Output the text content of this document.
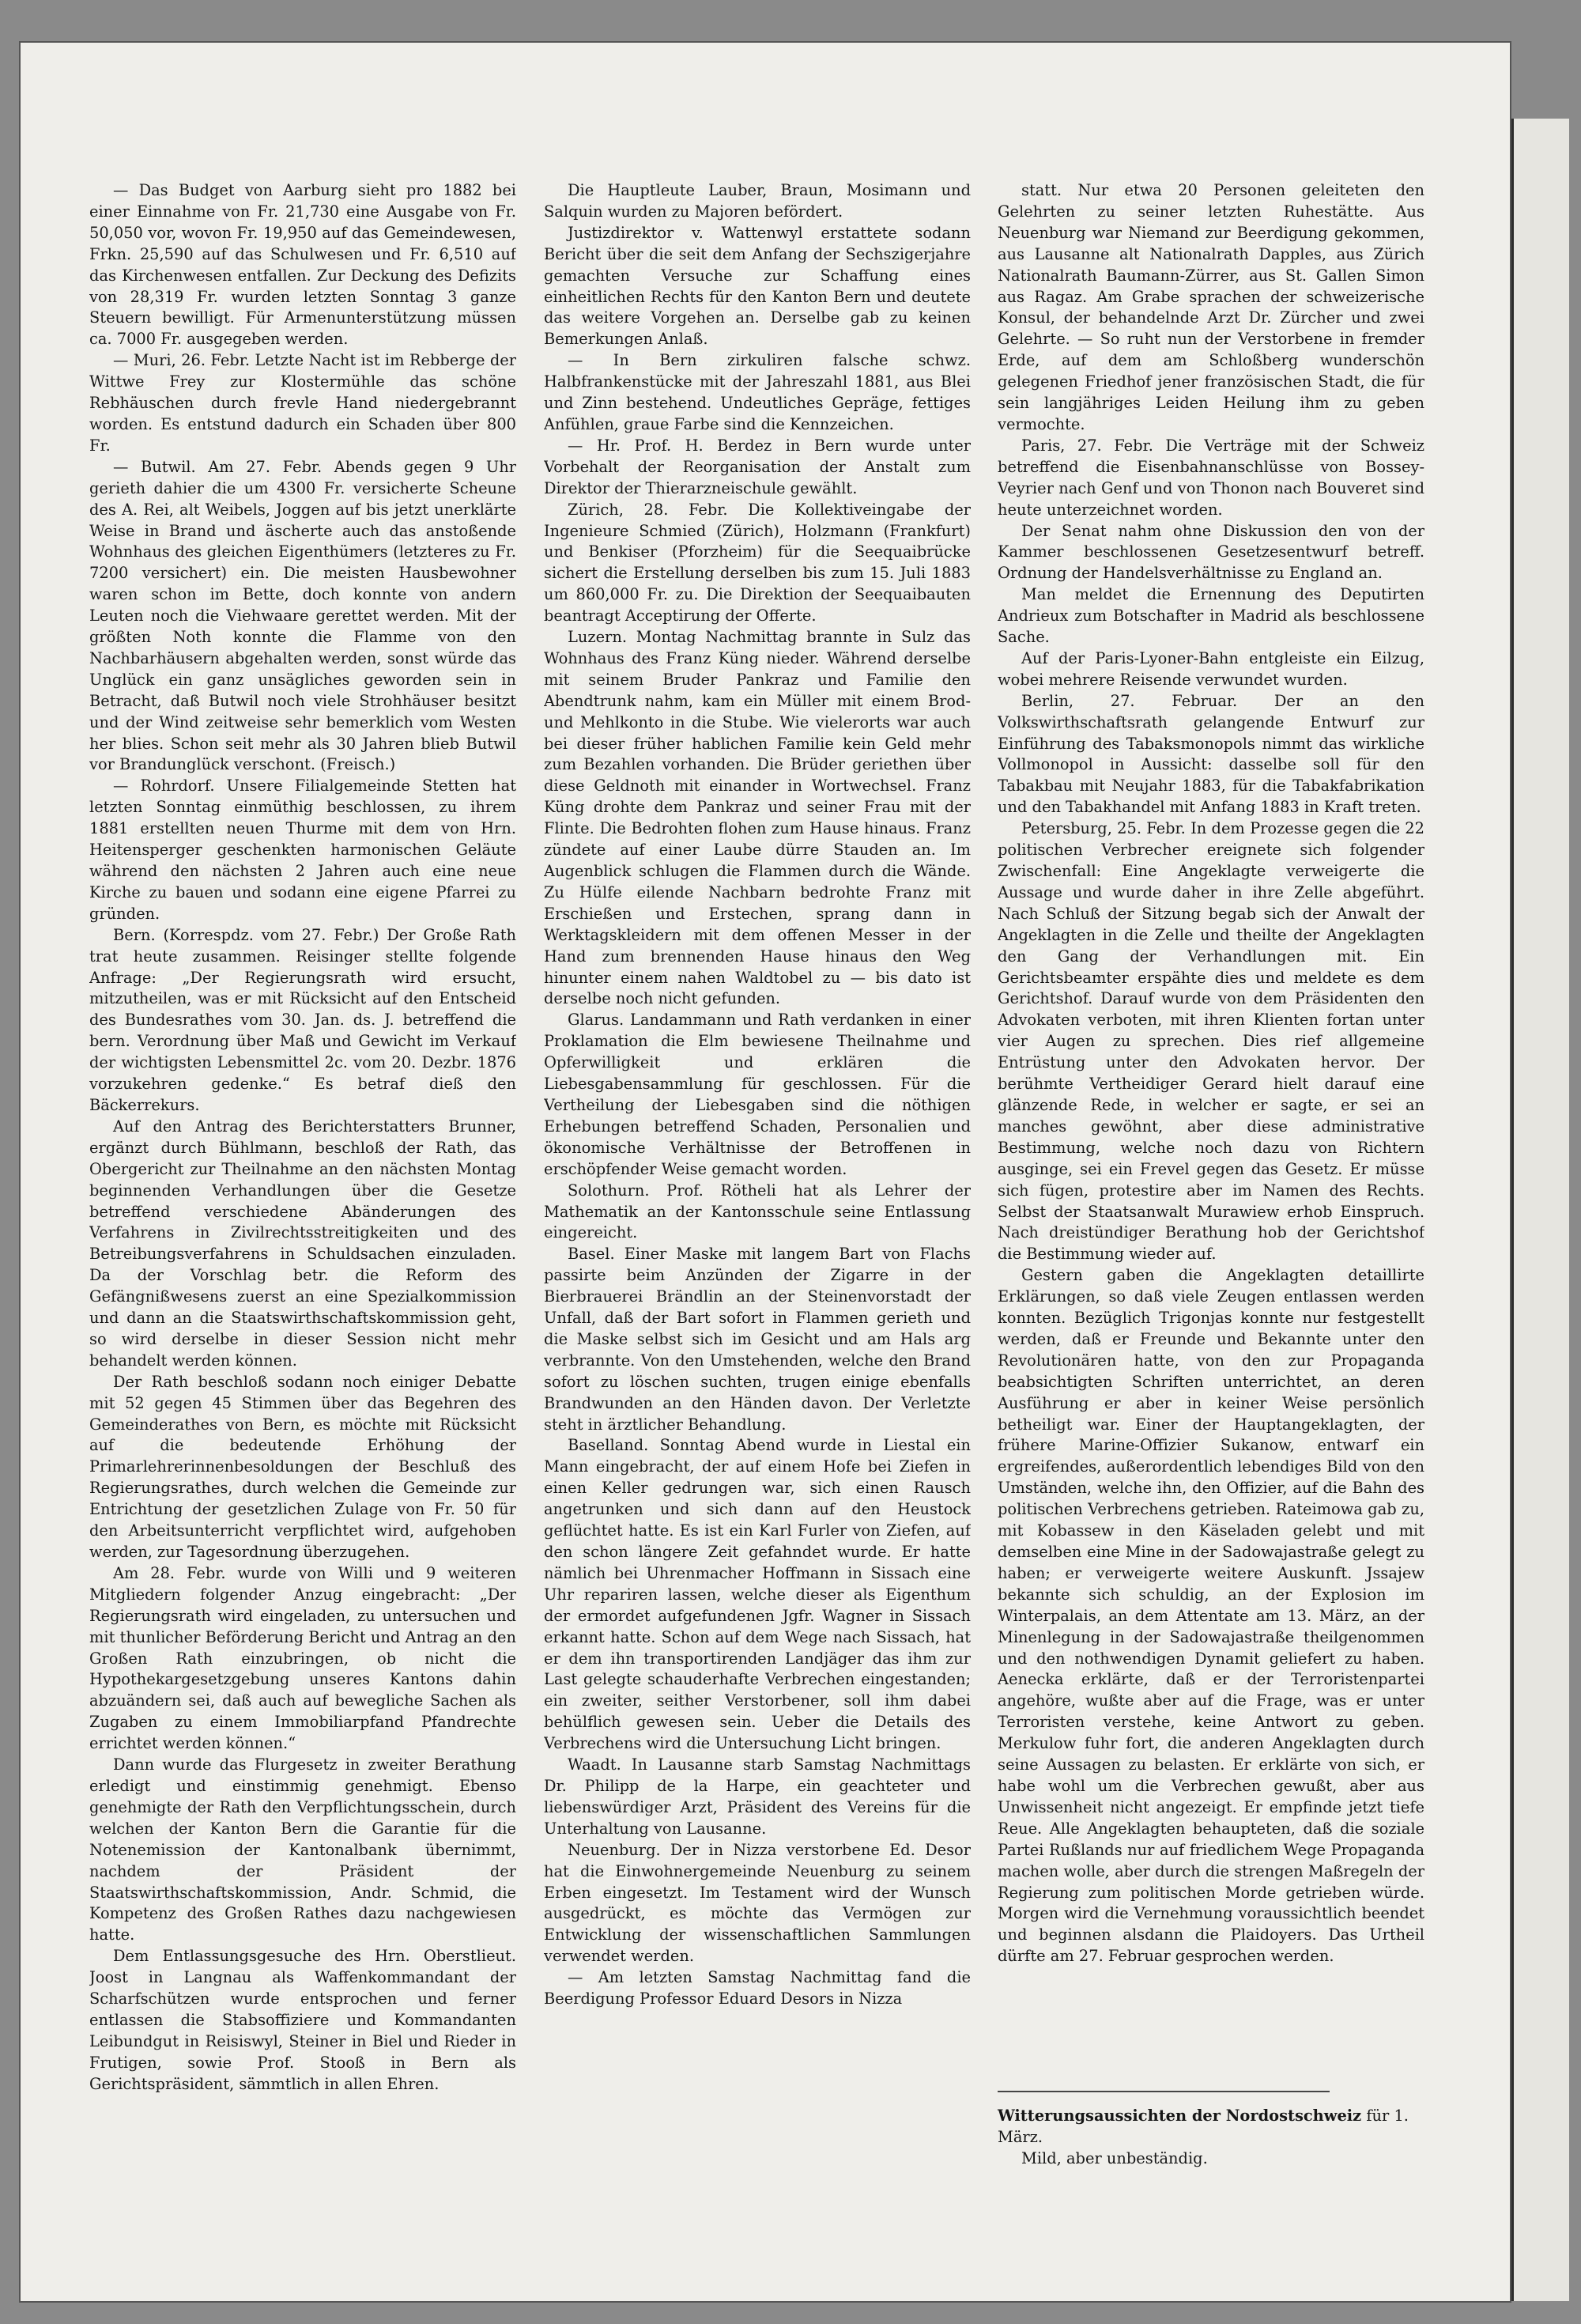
— Das Budget von Aarburg sieht pro 1882 bei einer Einnahme von Fr. 21,730 eine Ausgabe von Fr. 50,050 vor, wovon Fr. 19,950 auf das Gemeindewesen, Frkn. 25,590 auf das Schulwesen und Fr. 6,510 auf das Kirchenwesen entfallen. Zur Deckung des Defizits von 28,319 Fr. wurden letzten Sonntag 3 ganze Steuern bewilligt. Für Armenunterstützung müssen ca. 7000 Fr. ausgegeben werden.

— Muri, 26. Febr. Letzte Nacht ist im Rebberge der Wittwe Frey zur Klostermühle das schöne Rebhäuschen durch frevle Hand niedergebrannt worden. Es entstund dadurch ein Schaden über 800 Fr.

— Butwil. Am 27. Febr. Abends gegen 9 Uhr gerieth dahier die um 4300 Fr. versicherte Scheune des A. Rei, alt Weibels, Joggen auf bis jetzt unerklärte Weise in Brand und äscherte auch das anstoßende Wohnhaus des gleichen Eigenthümers (letzteres zu Fr. 7200 versichert) ein. Die meisten Hausbewohner waren schon im Bette, doch konnte von andern Leuten noch die Viehwaare gerettet werden. Mit der größten Noth konnte die Flamme von den Nachbarhäusern abgehalten werden, sonst würde das Unglück ein ganz unsägliches geworden sein in Betracht, daß Butwil noch viele Strohhäuser besitzt und der Wind zeitweise sehr bemerklich vom Westen her blies. Schon seit mehr als 30 Jahren blieb Butwil vor Brandunglück verschont. (Freisch.)

— Rohrdorf. Unsere Filialgemeinde Stetten hat letzten Sonntag einmüthig beschlossen, zu ihrem 1881 erstellten neuen Thurme mit dem von Hrn. Heitensperger geschenkten harmonischen Geläute während den nächsten 2 Jahren auch eine neue Kirche zu bauen und sodann eine eigene Pfarrei zu gründen.

Bern. (Korrespdz. vom 27. Febr.) Der Große Rath trat heute zusammen. Reisinger stellte folgende Anfrage: „Der Regierungsrath wird ersucht, mitzutheilen, was er mit Rücksicht auf den Entscheid des Bundesrathes vom 30. Jan. ds. J. betreffend die bern. Verordnung über Maß und Gewicht im Verkauf der wichtigsten Lebensmittel 2c. vom 20. Dezbr. 1876 vorzukehren gedenke.“ Es betraf dieß den Bäckerrekurs.

Auf den Antrag des Berichterstatters Brunner, ergänzt durch Bühlmann, beschloß der Rath, das Obergericht zur Theilnahme an den nächsten Montag beginnenden Verhandlungen über die Gesetze betreffend verschiedene Abänderungen des Verfahrens in Zivilrechtsstreitigkeiten und des Betreibungsverfahrens in Schuldsachen einzuladen. Da der Vorschlag betr. die Reform des Gefängnißwesens zuerst an eine Spezialkommission und dann an die Staatswirthschaftskommission geht, so wird derselbe in dieser Session nicht mehr behandelt werden können.

Der Rath beschloß sodann noch einiger Debatte mit 52 gegen 45 Stimmen über das Begehren des Gemeinderathes von Bern, es möchte mit Rücksicht auf die bedeutende Erhöhung der Primarlehrerinnenbesoldungen der Beschluß des Regierungsrathes, durch welchen die Gemeinde zur Entrichtung der gesetzlichen Zulage von Fr. 50 für den Arbeitsunterricht verpflichtet wird, aufgehoben werden, zur Tagesordnung überzugehen.

Am 28. Febr. wurde von Willi und 9 weiteren Mitgliedern folgender Anzug eingebracht: „Der Regierungsrath wird eingeladen, zu untersuchen und mit thunlicher Beförderung Bericht und Antrag an den Großen Rath einzubringen, ob nicht die Hypothekargesetzgebung unseres Kantons dahin abzuändern sei, daß auch auf bewegliche Sachen als Zugaben zu einem Immobiliarpfand Pfandrechte errichtet werden können.“

Dann wurde das Flurgesetz in zweiter Berathung erledigt und einstimmig genehmigt. Ebenso genehmigte der Rath den Verpflichtungsschein, durch welchen der Kanton Bern die Garantie für die Notenemission der Kantonalbank übernimmt, nachdem der Präsident der Staatswirthschaftskommission, Andr. Schmid, die Kompetenz des Großen Rathes dazu nachgewiesen hatte.

Dem Entlassungsgesuche des Hrn. Oberstlieut. Joost in Langnau als Waffenkommandant der Scharfschützen wurde entsprochen und ferner entlassen die Stabsoffiziere und Kommandanten Leibundgut in Reisiswyl, Steiner in Biel und Rieder in Frutigen, sowie Prof. Stooß in Bern als Gerichtspräsident, sämmtlich in allen Ehren.

Die Hauptleute Lauber, Braun, Mosimann und Salquin wurden zu Majoren befördert.

Justizdirektor v. Wattenwyl erstattete sodann Bericht über die seit dem Anfang der Sechszigerjahre gemachten Versuche zur Schaffung eines einheitlichen Rechts für den Kanton Bern und deutete das weitere Vorgehen an. Derselbe gab zu keinen Bemerkungen Anlaß.

— In Bern zirkuliren falsche schwz. Halbfrankenstücke mit der Jahreszahl 1881, aus Blei und Zinn bestehend. Undeutliches Gepräge, fettiges Anfühlen, graue Farbe sind die Kennzeichen.

— Hr. Prof. H. Berdez in Bern wurde unter Vorbehalt der Reorganisation der Anstalt zum Direktor der Thierarzneischule gewählt.

Zürich, 28. Febr. Die Kollektiveingabe der Ingenieure Schmied (Zürich), Holzmann (Frankfurt) und Benkiser (Pforzheim) für die Seequaibrücke sichert die Erstellung derselben bis zum 15. Juli 1883 um 860,000 Fr. zu. Die Direktion der Seequaibauten beantragt Acceptirung der Offerte.

Luzern. Montag Nachmittag brannte in Sulz das Wohnhaus des Franz Küng nieder. Während derselbe mit seinem Bruder Pankraz und Familie den Abendtrunk nahm, kam ein Müller mit einem Brod- und Mehlkonto in die Stube. Wie vielerorts war auch bei dieser früher hablichen Familie kein Geld mehr zum Bezahlen vorhanden. Die Brüder geriethen über diese Geldnoth mit einander in Wortwechsel. Franz Küng drohte dem Pankraz und seiner Frau mit der Flinte. Die Bedrohten flohen zum Hause hinaus. Franz zündete auf einer Laube dürre Stauden an. Im Augenblick schlugen die Flammen durch die Wände. Zu Hülfe eilende Nachbarn bedrohte Franz mit Erschießen und Erstechen, sprang dann in Werktagskleidern mit dem offenen Messer in der Hand zum brennenden Hause hinaus den Weg hinunter einem nahen Waldtobel zu — bis dato ist derselbe noch nicht gefunden.

Glarus. Landammann und Rath verdanken in einer Proklamation die Elm bewiesene Theilnahme und Opferwilligkeit und erklären die Liebesgabensammlung für geschlossen. Für die Vertheilung der Liebesgaben sind die nöthigen Erhebungen betreffend Schaden, Personalien und ökonomische Verhältnisse der Betroffenen in erschöpfender Weise gemacht worden.

Solothurn. Prof. Rötheli hat als Lehrer der Mathematik an der Kantonsschule seine Entlassung eingereicht.

Basel. Einer Maske mit langem Bart von Flachs passirte beim Anzünden der Zigarre in der Bierbrauerei Brändlin an der Steinenvorstadt der Unfall, daß der Bart sofort in Flammen gerieth und die Maske selbst sich im Gesicht und am Hals arg verbrannte. Von den Umstehenden, welche den Brand sofort zu löschen suchten, trugen einige ebenfalls Brandwunden an den Händen davon. Der Verletzte steht in ärztlicher Behandlung.

Baselland. Sonntag Abend wurde in Liestal ein Mann eingebracht, der auf einem Hofe bei Ziefen in einen Keller gedrungen war, sich einen Rausch angetrunken und sich dann auf den Heustock geflüchtet hatte. Es ist ein Karl Furler von Ziefen, auf den schon längere Zeit gefahndet wurde. Er hatte nämlich bei Uhrenmacher Hoffmann in Sissach eine Uhr repariren lassen, welche dieser als Eigenthum der ermordet aufgefundenen Jgfr. Wagner in Sissach erkannt hatte. Schon auf dem Wege nach Sissach, hat er dem ihn transportirenden Landjäger das ihm zur Last gelegte schauderhafte Verbrechen eingestanden; ein zweiter, seither Verstorbener, soll ihm dabei behülflich gewesen sein. Ueber die Details des Verbrechens wird die Untersuchung Licht bringen.

Waadt. In Lausanne starb Samstag Nachmittags Dr. Philipp de la Harpe, ein geachteter und liebenswürdiger Arzt, Präsident des Vereins für die Unterhaltung von Lausanne.

Neuenburg. Der in Nizza verstorbene Ed. Desor hat die Einwohnergemeinde Neuenburg zu seinem Erben eingesetzt. Im Testament wird der Wunsch ausgedrückt, es möchte das Vermögen zur Entwicklung der wissenschaftlichen Sammlungen verwendet werden.

— Am letzten Samstag Nachmittag fand die Beerdigung Professor Eduard Desors in Nizza

statt. Nur etwa 20 Personen geleiteten den Gelehrten zu seiner letzten Ruhestätte. Aus Neuenburg war Niemand zur Beerdigung gekommen, aus Lausanne alt Nationalrath Dapples, aus Zürich Nationalrath Baumann-Zürrer, aus St. Gallen Simon aus Ragaz. Am Grabe sprachen der schweizerische Konsul, der behandelnde Arzt Dr. Zürcher und zwei Gelehrte. — So ruht nun der Verstorbene in fremder Erde, auf dem am Schloßberg wunderschön gelegenen Friedhof jener französischen Stadt, die für sein langjähriges Leiden Heilung ihm zu geben vermochte.

Paris, 27. Febr. Die Verträge mit der Schweiz betreffend die Eisenbahnanschlüsse von Bossey-Veyrier nach Genf und von Thonon nach Bouveret sind heute unterzeichnet worden.

Der Senat nahm ohne Diskussion den von der Kammer beschlossenen Gesetzesentwurf betreff. Ordnung der Handelsverhältnisse zu England an.

Man meldet die Ernennung des Deputirten Andrieux zum Botschafter in Madrid als beschlossene Sache.

Auf der Paris-Lyoner-Bahn entgleiste ein Eilzug, wobei mehrere Reisende verwundet wurden.

Berlin, 27. Februar. Der an den Volkswirthschaftsrath gelangende Entwurf zur Einführung des Tabaksmonopols nimmt das wirkliche Vollmonopol in Aussicht: dasselbe soll für den Tabakbau mit Neujahr 1883, für die Tabakfabrikation und den Tabakhandel mit Anfang 1883 in Kraft treten.

Petersburg, 25. Febr. In dem Prozesse gegen die 22 politischen Verbrecher ereignete sich folgender Zwischenfall: Eine Angeklagte verweigerte die Aussage und wurde daher in ihre Zelle abgeführt. Nach Schluß der Sitzung begab sich der Anwalt der Angeklagten in die Zelle und theilte der Angeklagten den Gang der Verhandlungen mit. Ein Gerichtsbeamter erspähte dies und meldete es dem Gerichtshof. Darauf wurde von dem Präsidenten den Advokaten verboten, mit ihren Klienten fortan unter vier Augen zu sprechen. Dies rief allgemeine Entrüstung unter den Advokaten hervor. Der berühmte Vertheidiger Gerard hielt darauf eine glänzende Rede, in welcher er sagte, er sei an manches gewöhnt, aber diese administrative Bestimmung, welche noch dazu von Richtern ausginge, sei ein Frevel gegen das Gesetz. Er müsse sich fügen, protestire aber im Namen des Rechts. Selbst der Staatsanwalt Murawiew erhob Einspruch. Nach dreistündiger Berathung hob der Gerichtshof die Bestimmung wieder auf.

Gestern gaben die Angeklagten detaillirte Erklärungen, so daß viele Zeugen entlassen werden konnten. Bezüglich Trigonjas konnte nur festgestellt werden, daß er Freunde und Bekannte unter den Revolutionären hatte, von den zur Propaganda beabsichtigten Schriften unterrichtet, an deren Ausführung er aber in keiner Weise persönlich betheiligt war. Einer der Hauptangeklagten, der frühere Marine-Offizier Sukanow, entwarf ein ergreifendes, außerordentlich lebendiges Bild von den Umständen, welche ihn, den Offizier, auf die Bahn des politischen Verbrechens getrieben. Rateimowa gab zu, mit Kobassew in den Käseladen gelebt und mit demselben eine Mine in der Sadowajastraße gelegt zu haben; er verweigerte weitere Auskunft. Jssajew bekannte sich schuldig, an der Explosion im Winterpalais, an dem Attentate am 13. März, an der Minenlegung in der Sadowajastraße theilgenommen und den nothwendigen Dynamit geliefert zu haben. Aenecka erklärte, daß er der Terroristenpartei angehöre, wußte aber auf die Frage, was er unter Terroristen verstehe, keine Antwort zu geben. Merkulow fuhr fort, die anderen Angeklagten durch seine Aussagen zu belasten. Er erklärte von sich, er habe wohl um die Verbrechen gewußt, aber aus Unwissenheit nicht angezeigt. Er empfinde jetzt tiefe Reue. Alle Angeklagten behaupteten, daß die soziale Partei Rußlands nur auf friedlichem Wege Propaganda machen wolle, aber durch die strengen Maßregeln der Regierung zum politischen Morde getrieben würde. Morgen wird die Vernehmung voraussichtlich beendet und beginnen alsdann die Plaidoyers. Das Urtheil dürfte am 27. Februar gesprochen werden.

Witterungsaussichten der Nordostschweiz für 1. März.
Mild, aber unbeständig.
